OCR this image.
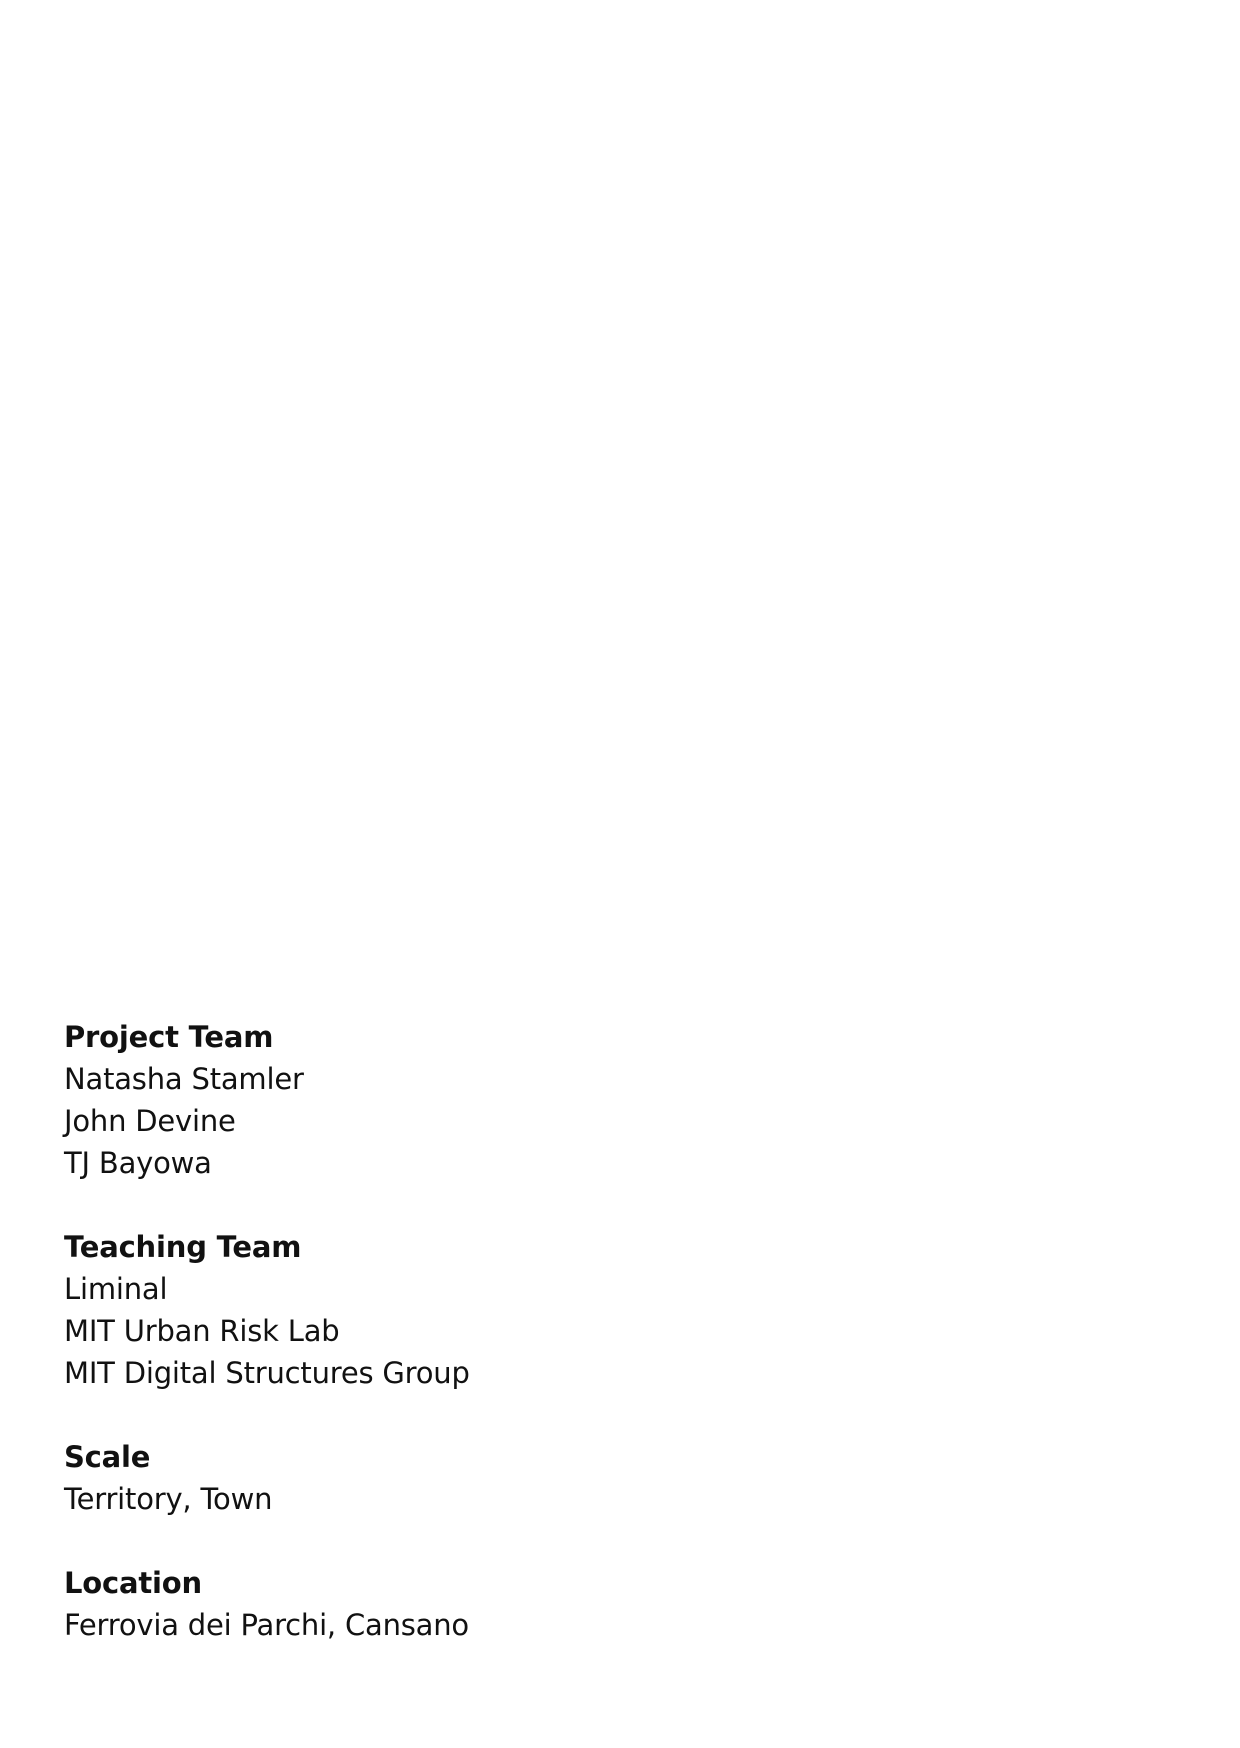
Project Team
Natasha Stamler
John Devine
TJ Bayowa
Teaching Team
Liminal
MIT Urban Risk Lab
MIT Digital Structures Group
Scale
Territory, Town
Location
Ferrovia dei Parchi, Cansano
